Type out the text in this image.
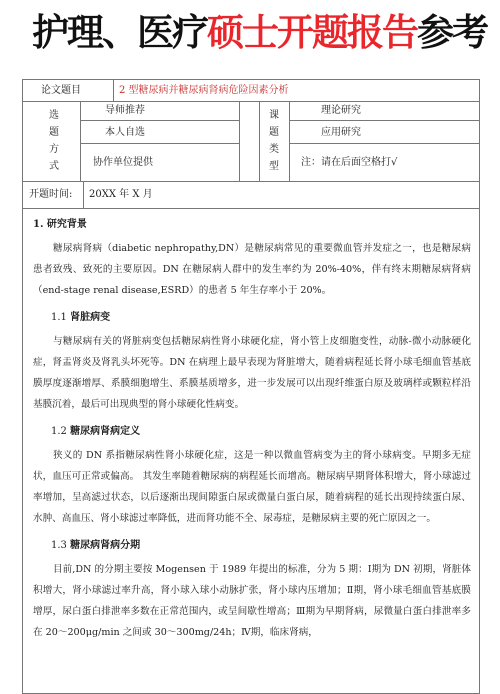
护理、医疗 硕士开题报告 参考
论文题目	2 型糖尿病并糖尿病肾病危险因素分析
选题方式
导师推荐
本人自选
协作单位提供
课题类型
理论研究
应用研究
注：请在后面空格打√
开题时间: 20XX 年 X 月
1. 研究背景

糖尿病肾病（diabetic nephropathy,DN）是糖尿病常见的重要微血管并发症之一，也是糖尿病患者致残、致死的主要原因。DN 在糖尿病人群中的发生率约为 20%-40%，伴有终末期糖尿病肾病（end-stage renal disease,ESRD）的患者 5 年生存率小于 20%。

1.1 肾脏病变

与糖尿病有关的肾脏病变包括糖尿病性肾小球硬化症，肾小管上皮细胞变性，动脉-微小动脉硬化症，肾盂肾炎及肾乳头坏死等。DN 在病理上最早表现为肾脏增大，随着病程延长肾小球毛细血管基底膜厚度逐渐增厚、系膜细胞增生、系膜基质增多，进一步发展可以出现纤维蛋白原及玻璃样或颗粒样沿基膜沉着，最后可出现典型的肾小球硬化性病变。

1.2 糖尿病肾病定义

狭义的 DN 系指糖尿病性肾小球硬化症，这是一种以微血管病变为主的肾小球病变。早期多无症状，血压可正常或偏高。 其发生率随着糖尿病的病程延长而增高。糖尿病早期肾体积增大，肾小球滤过率增加，呈高滤过状态，以后逐渐出现间隙蛋白尿或微量白蛋白尿，随着病程的延长出现持续蛋白尿、水肿、高血压、肾小球滤过率降低，进而肾功能不全、尿毒症，是糖尿病主要的死亡原因之一。

1.3 糖尿病肾病分期

目前,DN 的分期主要按 Mogensen 于 1989 年提出的标准，分为 5 期：Ⅰ期为 DN 初期，肾脏体积增大，肾小球滤过率升高，肾小球入球小动脉扩张，肾小球内压增加；Ⅱ期，肾小球毛细血管基底膜增厚，尿白蛋白排泄率多数在正常范围内，或呈间歇性增高；Ⅲ期为早期肾病，尿微量白蛋白排泄率多在 20～200μg/min 之间或 30～300mg/24h；Ⅳ期，临床肾病，
